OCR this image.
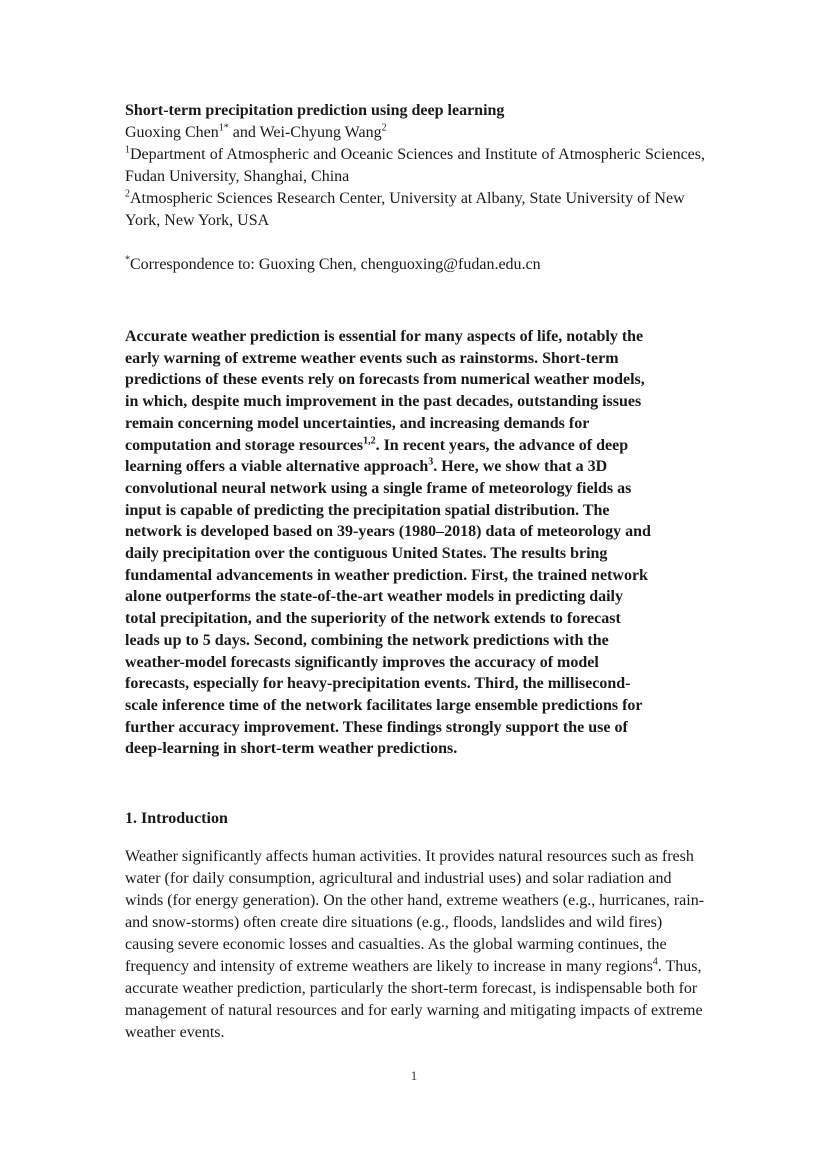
Short-term precipitation prediction using deep learning

Guoxing Chen$^{1*}$ and Wei-Chyung Wang$^2$

$^1$Department of Atmospheric and Oceanic Sciences and Institute of Atmospheric Sciences, Fudan University, Shanghai, China

$^2$Atmospheric Sciences Research Center, University at Albany, State University of New York, New York, USA

*Correspondence to: Guoxing Chen, chenguoxing@fudan.edu.cn

Accurate weather prediction is essential for many aspects of life, notably the early warning of extreme weather events such as rainstorms. Short-term predictions of these events rely on forecasts from numerical weather models, in which, despite much improvement in the past decades, outstanding issues remain concerning model uncertainties, and increasing demands for computation and storage resources$^{1,2}$. In recent years, the advance of deep learning offers a viable alternative approach$^3$. Here, we show that a 3D convolutional neural network using a single frame of meteorology fields as input is capable of predicting the precipitation spatial distribution. The network is developed based on 39-years (1980–2018) data of meteorology and daily precipitation over the contiguous United States. The results bring fundamental advancements in weather prediction. First, the trained network alone outperforms the state-of-the-art weather models in predicting daily total precipitation, and the superiority of the network extends to forecast leads up to 5 days. Second, combining the network predictions with the weather-model forecasts significantly improves the accuracy of model forecasts, especially for heavy-precipitation events. Third, the millisecond-scale inference time of the network facilitates large ensemble predictions for further accuracy improvement. These findings strongly support the use of deep-learning in short-term weather predictions.

1. Introduction

Weather significantly affects human activities. It provides natural resources such as fresh water (for daily consumption, agricultural and industrial uses) and solar radiation and winds (for energy generation). On the other hand, extreme weathers (e.g., hurricanes, rain- and snow-storms) often create dire situations (e.g., floods, landslides and wild fires) causing severe economic losses and casualties. As the global warming continues, the frequency and intensity of extreme weathers are likely to increase in many regions$^4$. Thus, accurate weather prediction, particularly the short-term forecast, is indispensable both for management of natural resources and for early warning and mitigating impacts of extreme weather events.

1
